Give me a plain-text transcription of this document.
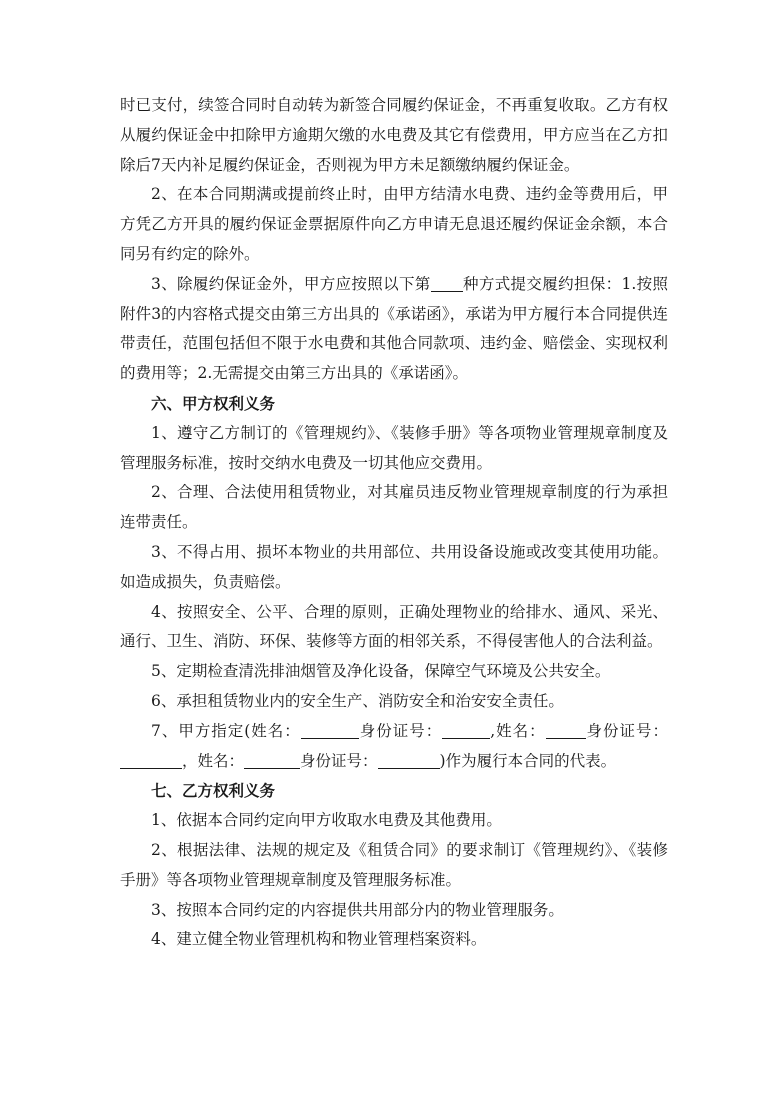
时已支付，续签合同时自动转为新签合同履约保证金，不再重复收取。乙方有权从履约保证金中扣除甲方逾期欠缴的水电费及其它有偿费用，甲方应当在乙方扣除后7天内补足履约保证金，否则视为甲方未足额缴纳履约保证金。

2、在本合同期满或提前终止时，由甲方结清水电费、违约金等费用后，甲方凭乙方开具的履约保证金票据原件向乙方申请无息退还履约保证金余额，本合同另有约定的除外。

3、除履约保证金外，甲方应按照以下第 种方式提交履约担保：1.按照附件3的内容格式提交由第三方出具的《承诺函》，承诺为甲方履行本合同提供连带责任，范围包括但不限于水电费和其他合同款项、违约金、赔偿金、实现权利的费用等；2.无需提交由第三方出具的《承诺函》。

六、甲方权利义务

1、遵守乙方制订的《管理规约》、《装修手册》等各项物业管理规章制度及管理服务标准，按时交纳水电费及一切其他应交费用。

2、合理、合法使用租赁物业，对其雇员违反物业管理规章制度的行为承担连带责任。

3、不得占用、损坏本物业的共用部位、共用设备设施或改变其使用功能。如造成损失，负责赔偿。

4、按照安全、公平、合理的原则，正确处理物业的给排水、通风、采光、通行、卫生、消防、环保、装修等方面的相邻关系，不得侵害他人的合法利益。

5、定期检查清洗排油烟管及净化设备，保障空气环境及公共安全。

6、承担租赁物业内的安全生产、消防安全和治安安全责任。

7、甲方指定(姓名：	身份证号：	,姓名：	身份证号：，姓名：	身份证号：	)作为履行本合同的代表。

七、乙方权利义务

1、依据本合同约定向甲方收取水电费及其他费用。

2、根据法律、法规的规定及《租赁合同》的要求制订《管理规约》、《装修手册》等各项物业管理规章制度及管理服务标准。

3、按照本合同约定的内容提供共用部分内的物业管理服务。

4、建立健全物业管理机构和物业管理档案资料。
